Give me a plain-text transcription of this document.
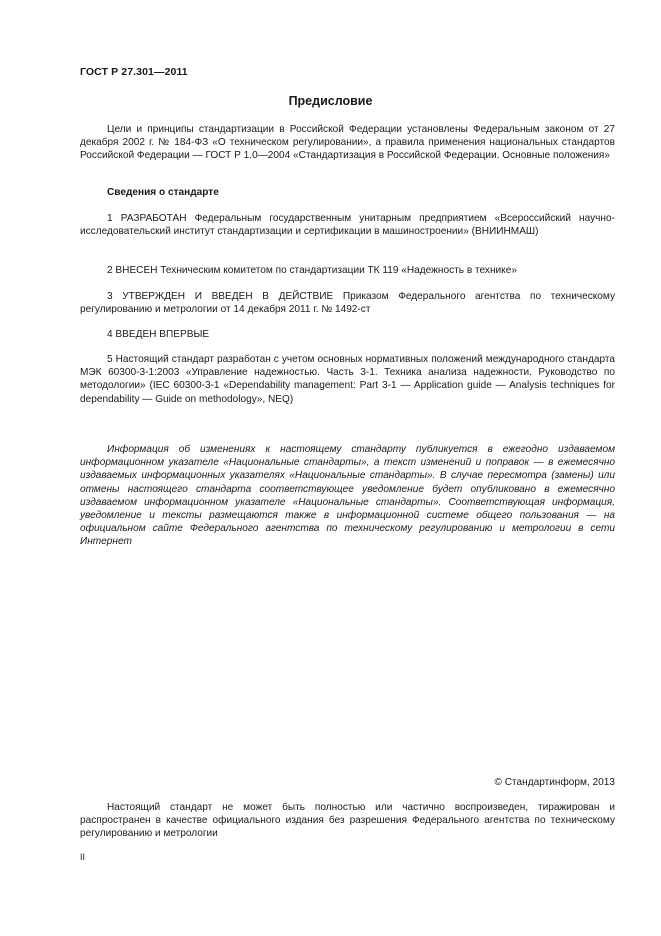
ГОСТ Р 27.301—2011
Предисловие
Цели и принципы стандартизации в Российской Федерации установлены Федеральным законом от 27 декабря 2002 г. № 184-ФЗ «О техническом регулировании», а правила применения национальных стандартов Российской Федерации — ГОСТ Р 1.0—2004 «Стандартизация в Российской Федерации. Основные положения»
Сведения о стандарте
1 РАЗРАБОТАН Федеральным государственным унитарным предприятием «Всероссийский научно-исследовательский институт стандартизации и сертификации в машиностроении» (ВНИИНМАШ)
2 ВНЕСЕН Техническим комитетом по стандартизации ТК 119 «Надежность в технике»
3 УТВЕРЖДЕН И ВВЕДЕН В ДЕЙСТВИЕ Приказом Федерального агентства по техническому регулированию и метрологии от 14 декабря 2011 г. № 1492-ст
4 ВВЕДЕН ВПЕРВЫЕ
5 Настоящий стандарт разработан с учетом основных нормативных положений международного стандарта МЭК 60300-3-1:2003 «Управление надежностью. Часть 3-1. Техника анализа надежности. Руководство по методологии» (IEC 60300-3-1 «Dependability management: Part 3-1 — Application guide — Analysis techniques for dependability — Guide on methodology», NEQ)
Информация об изменениях к настоящему стандарту публикуется в ежегодно издаваемом информационном указателе «Национальные стандарты», а текст изменений и поправок — в ежемесячно издаваемых информационных указателях «Национальные стандарты». В случае пересмотра (замены) или отмены настоящего стандарта соответствующее уведомление будет опубликовано в ежемесячно издаваемом информационном указателе «Национальные стандарты». Соответствующая информация, уведомление и тексты размещаются также в информационной системе общего пользования — на официальном сайте Федерального агентства по техническому регулированию и метрологии в сети Интернет
© Стандартинформ, 2013
Настоящий стандарт не может быть полностью или частично воспроизведен, тиражирован и распространен в качестве официального издания без разрешения Федерального агентства по техническому регулированию и метрологии
II
